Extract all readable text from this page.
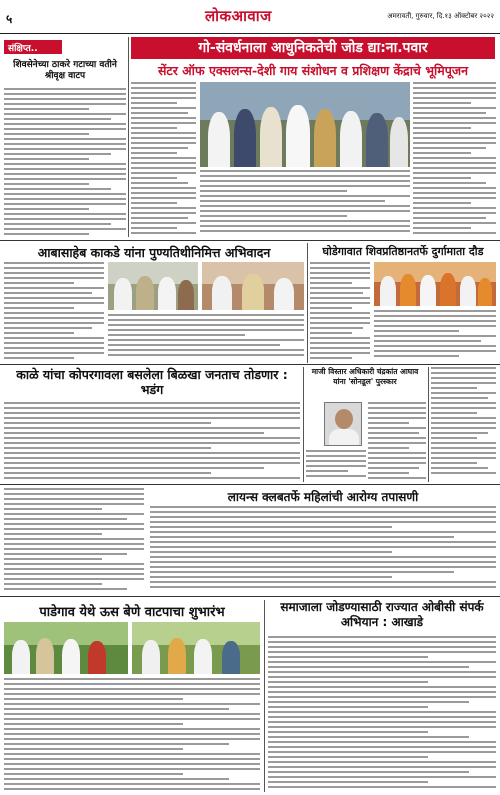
५	लोकआवाज	अमरावती, गुरुवार, दि.१३ ऑक्टोबर २०२२
संक्षिप्त..
शिवसेनेच्या ठाकरे गटाच्या वतीने श्रीवृक्ष वाटप
गो-संवर्धनाला आधुनिकतेची जोड द्या:ना.पवार
सेंटर ऑफ एक्सलन्स-देशी गाय संशोधन व प्रशिक्षण केंद्राचे भूमिपूजन
आबासाहेब काकडे यांना पुण्यतिथीनिमित्त अभिवादन	घोडेगावात शिवप्रतिष्ठानतर्फे दुर्गामाता दौड
काळे यांचा कोपरगावला बसलेला बिळखा जनताच तोडणार : भडंग
माजी विस्तार अधिकारी चंद्रकांत आघाव यांना 'सोनडूल' पुरस्कार
लायन्स क्लबतर्फे महिलांची आरोग्य तपासणी
पाडेगाव येथे ऊस बेणे वाटपाचा शुभारंभ	समाजाला जोडण्यासाठी राज्यात ओबीसी संपर्क अभियान : आखाडे
